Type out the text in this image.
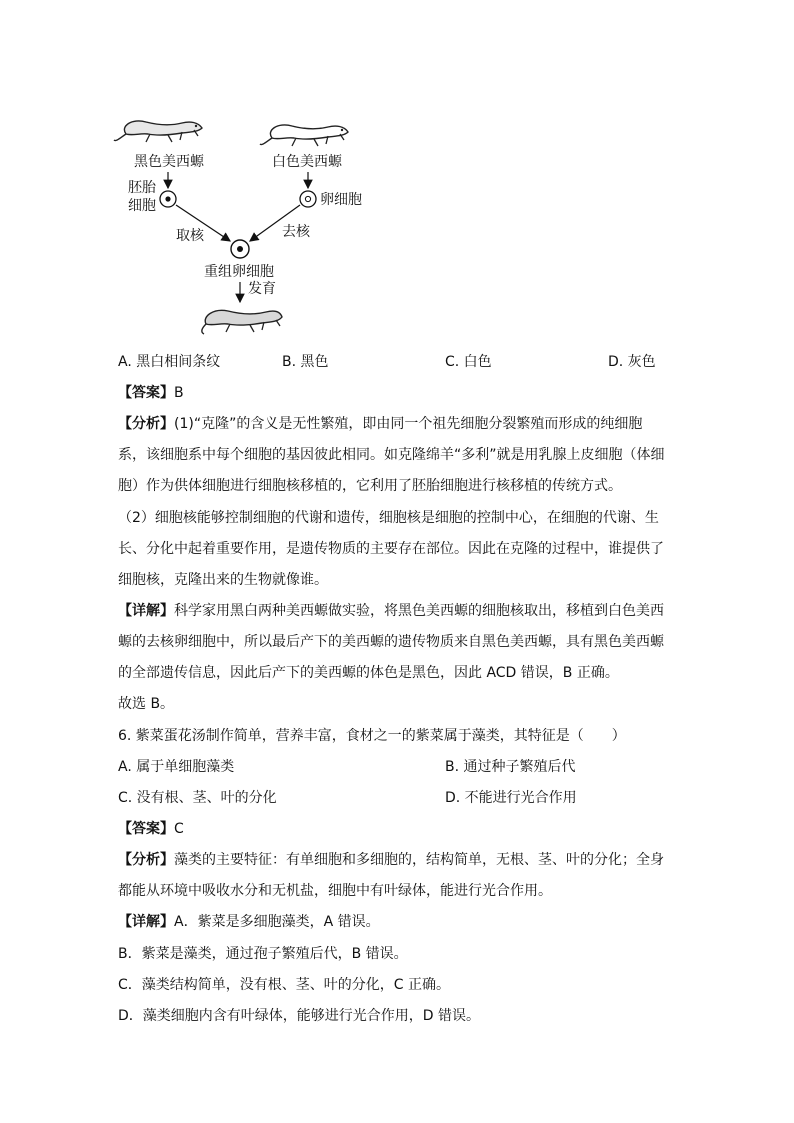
黑色美西螈	白色美西螈
胚胎
细胞	卵细胞
取核	去核
重组卵细胞
发育
A. 黑白相间条纹	B. 黑色	C. 白色	D. 灰色
【答案】B
【分析】(1)“克隆”的含义是无性繁殖，即由同一个祖先细胞分裂繁殖而形成的纯细胞
系，该细胞系中每个细胞的基因彼此相同。如克隆绵羊“多利”就是用乳腺上皮细胞（体细
胞）作为供体细胞进行细胞核移植的，它利用了胚胎细胞进行核移植的传统方式。
（2）细胞核能够控制细胞的代谢和遗传，细胞核是细胞的控制中心，在细胞的代谢、生
长、分化中起着重要作用，是遗传物质的主要存在部位。因此在克隆的过程中，谁提供了
细胞核，克隆出来的生物就像谁。
【详解】科学家用黑白两种美西螈做实验，将黑色美西螈的细胞核取出，移植到白色美西
螈的去核卵细胞中，所以最后产下的美西螈的遗传物质来自黑色美西螈，具有黑色美西螈
的全部遗传信息，因此后产下的美西螈的体色是黑色，因此 ACD 错误，B 正确。
故选 B。
6. 紫菜蛋花汤制作简单，营养丰富，食材之一的紫菜属于藻类，其特征是（　　）
A. 属于单细胞藻类	B. 通过种子繁殖后代
C. 没有根、茎、叶的分化	D. 不能进行光合作用
【答案】C
【分析】藻类的主要特征：有单细胞和多细胞的，结构简单，无根、茎、叶的分化；全身
都能从环境中吸收水分和无机盐，细胞中有叶绿体，能进行光合作用。
【详解】A．紫菜是多细胞藻类，A 错误。
B．紫菜是藻类，通过孢子繁殖后代，B 错误。
C．藻类结构简单，没有根、茎、叶的分化，C 正确。
D．藻类细胞内含有叶绿体，能够进行光合作用，D 错误。
